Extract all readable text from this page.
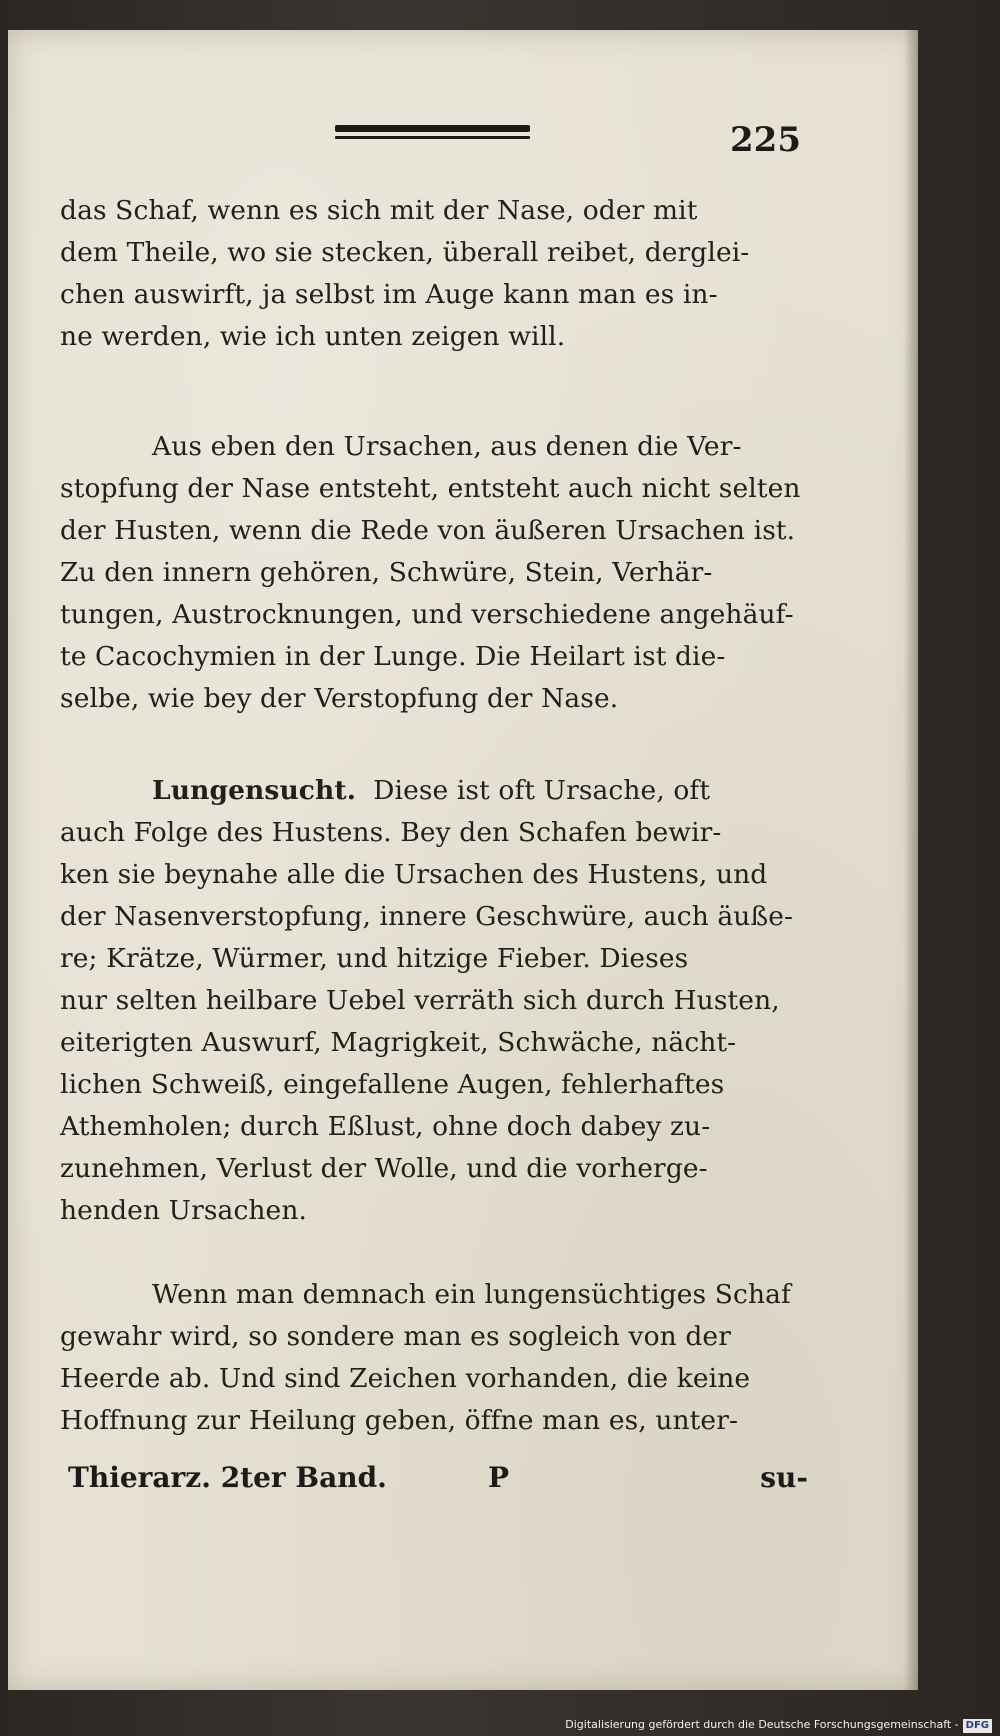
225
das Schaf, wenn es sich mit der Nase, oder mit
dem Theile, wo sie stecken, überall reibet, derglei-
chen auswirft, ja selbst im Auge kann man es in-
ne werden, wie ich unten zeigen will.
Aus eben den Ursachen, aus denen die Ver-
stopfung der Nase entsteht, entsteht auch nicht selten
der Husten, wenn die Rede von äußeren Ursachen ist.
Zu den innern gehören, Schwüre, Stein, Verhär-
tungen, Austrocknungen, und verschiedene angehäuf-
te Cacochymien in der Lunge. Die Heilart ist die-
selbe, wie bey der Verstopfung der Nase.
Lungensucht. Diese ist oft Ursache, oft
auch Folge des Hustens. Bey den Schafen bewir-
ken sie beynahe alle die Ursachen des Hustens, und
der Nasenverstopfung, innere Geschwüre, auch äuße-
re; Krätze, Würmer, und hitzige Fieber. Dieses
nur selten heilbare Uebel verräth sich durch Husten,
eiterigten Auswurf, Magrigkeit, Schwäche, nächt-
lichen Schweiß, eingefallene Augen, fehlerhaftes
Athemholen; durch Eßlust, ohne doch dabey zu-
zunehmen, Verlust der Wolle, und die vorherge-
henden Ursachen.
Wenn man demnach ein lungensüchtiges Schaf
gewahr wird, so sondere man es sogleich von der
Heerde ab. Und sind Zeichen vorhanden, die keine
Hoffnung zur Heilung geben, öffne man es, unter-
Thierarz. 2ter Band.	P	su-
Digitalisierung gefördert durch die Deutsche Forschungsgemeinschaft - DFG
